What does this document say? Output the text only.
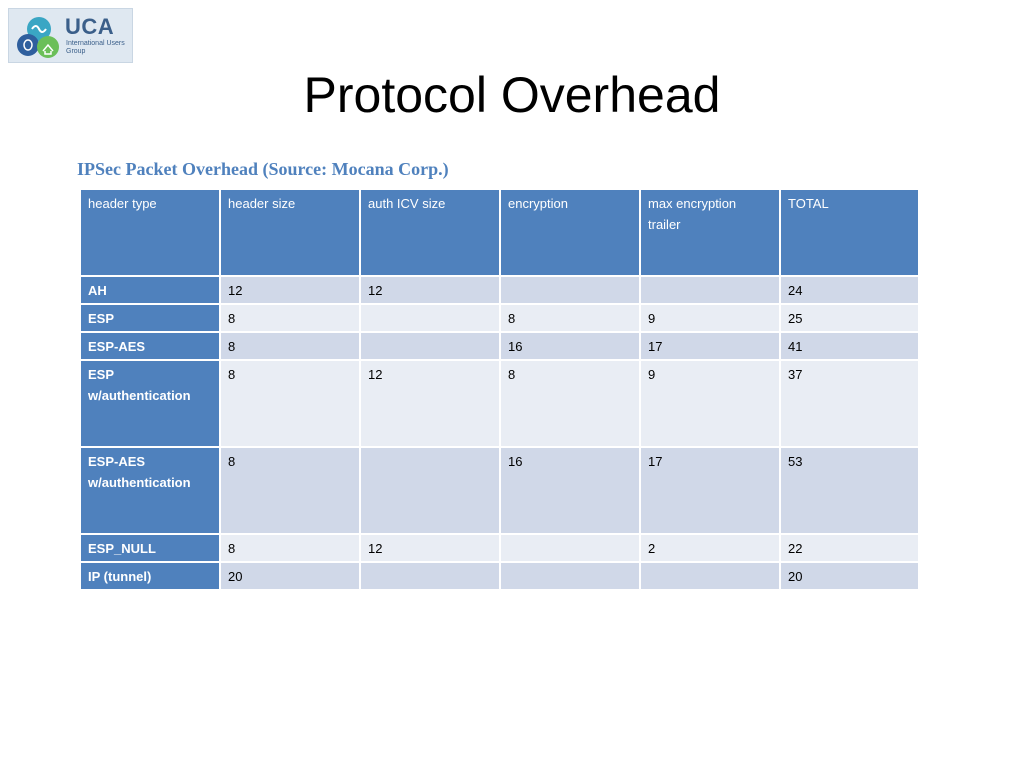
UCA
International Users Group
Protocol Overhead
IPSec Packet Overhead (Source: Mocana Corp.)
header type	header size	auth ICV size	encryption	max encryption trailer	TOTAL
AH	12	12			24
ESP	8		8	9	25
ESP-AES	8		16	17	41
ESP w/authentication	8	12	8	9	37
ESP-AES w/authentication	8		16	17	53
ESP_NULL	8	12		2	22
IP (tunnel)	20				20
